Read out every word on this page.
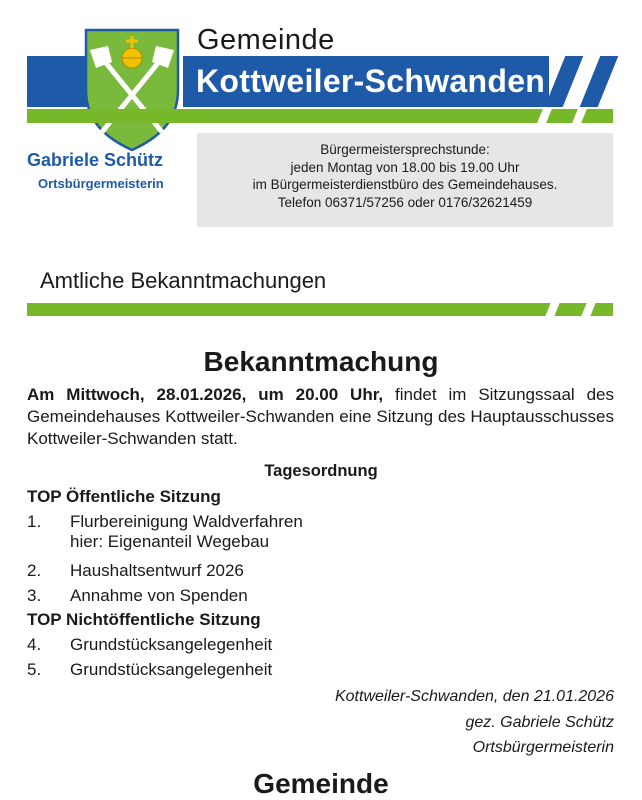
Gemeinde
Kottweiler-Schwanden
Gabriele Schütz
Ortsbürgermeisterin
Bürgermeistersprechstunde:
jeden Montag von 18.00 bis 19.00 Uhr
im Bürgermeisterdienstbüro des Gemeindehauses.
Telefon 06371/57256 oder 0176/32621459
Amtliche Bekanntmachungen
Bekanntmachung
Am Mittwoch, 28.01.2026, um 20.00 Uhr, findet im Sitzungssaal des Gemeindehauses Kottweiler-Schwanden eine Sitzung des Hauptausschusses Kottweiler-Schwanden statt.
Tagesordnung
TOP Öffentliche Sitzung
1. Flurbereinigung Waldverfahren
hier: Eigenanteil Wegebau
2. Haushaltsentwurf 2026
3. Annahme von Spenden
TOP Nichtöffentliche Sitzung
4. Grundstücksangelegenheit
5. Grundstücksangelegenheit
Kottweiler-Schwanden, den 21.01.2026
gez. Gabriele Schütz
Ortsbürgermeisterin
Gemeinde
